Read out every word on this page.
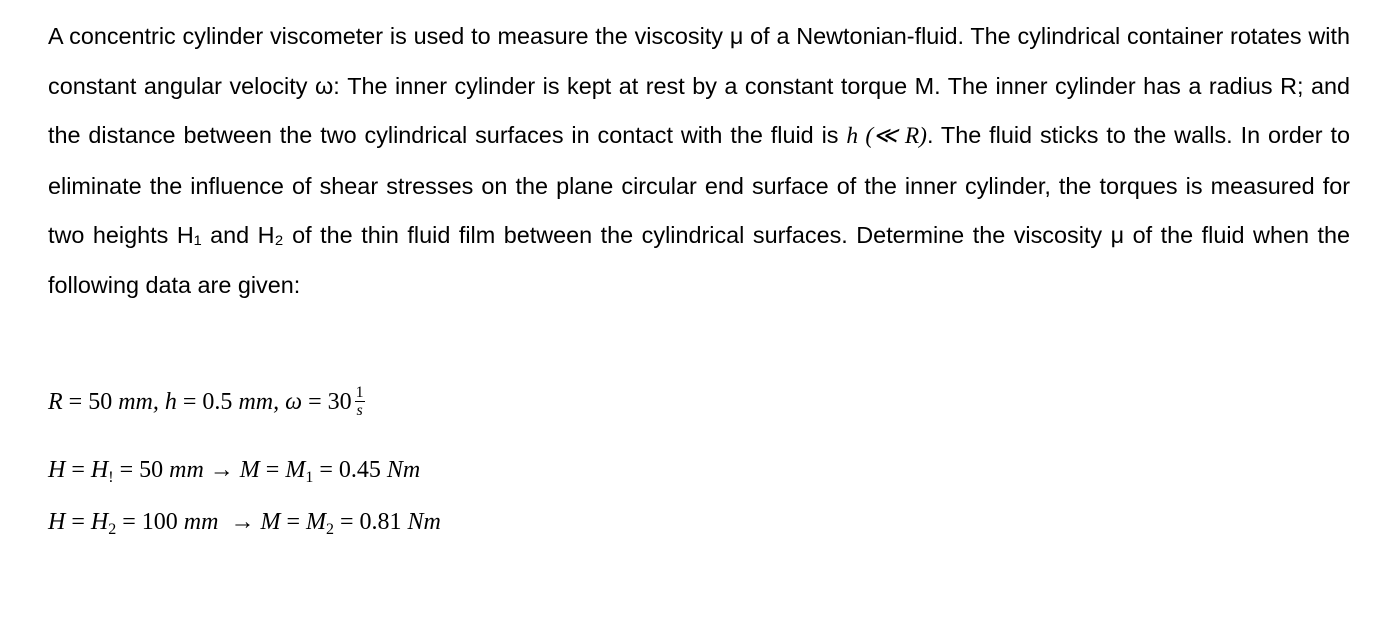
A concentric cylinder viscometer is used to measure the viscosity μ of a Newtonian-fluid. The cylindrical container rotates with constant angular velocity ω: The inner cylinder is kept at rest by a constant torque M. The inner cylinder has a radius R; and the distance between the two cylindrical surfaces in contact with the fluid is h (≪ R). The fluid sticks to the walls. In order to eliminate the influence of shear stresses on the plane circular end surface of the inner cylinder, the torques is measured for two heights H₁ and H₂ of the thin fluid film between the cylindrical surfaces. Determine the viscosity μ of the fluid when the following data are given:

R = 50 mm, h = 0.5 mm, $\omega = 30 \frac{1}{s}$
$H = H_! = 50$ mm → $M = M_1 = 0.45$ Nm
$H = H_2 = 100$ mm → $M = M_2 = 0.81$ Nm
